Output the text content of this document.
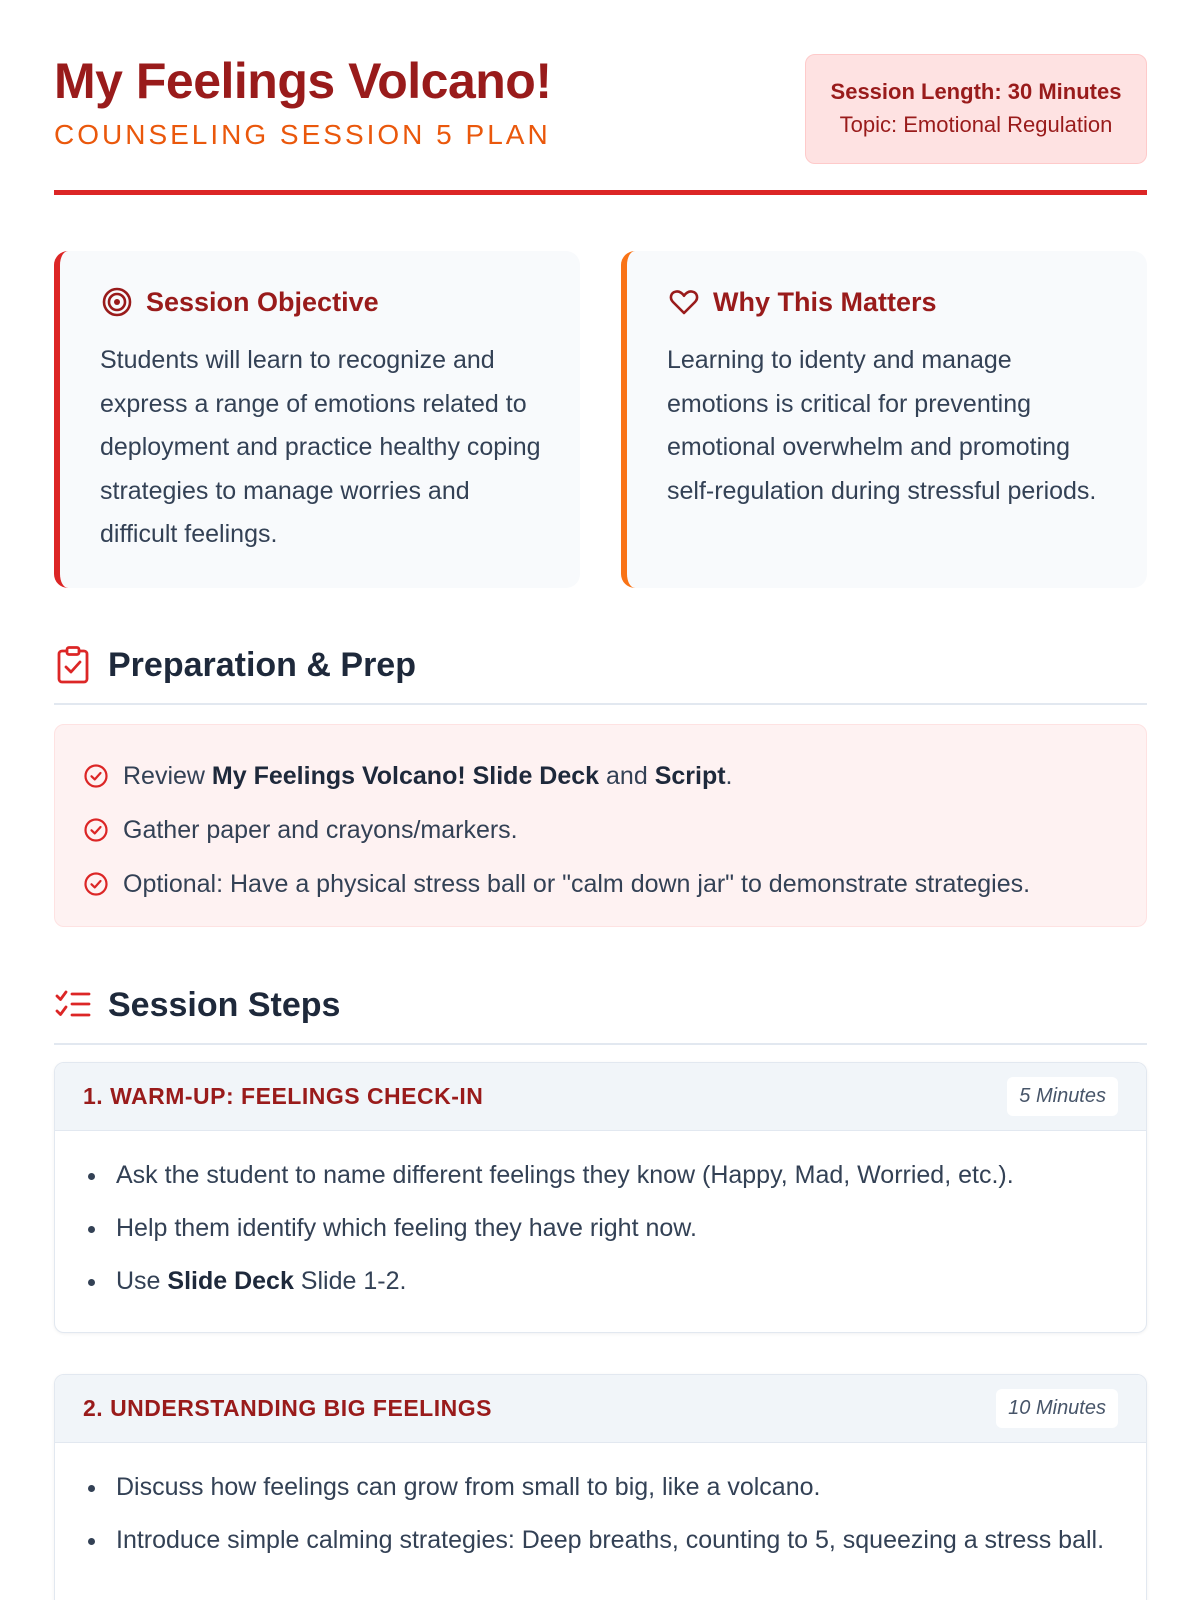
My Feelings Volcano!
COUNSELING SESSION 5 PLAN
Session Length: 30 Minutes
Topic: Emotional Regulation
Session Objective
Students will learn to recognize and express a range of emotions related to deployment and practice healthy coping strategies to manage worries and difficult feelings.
Why This Matters
Learning to identy and manage emotions is critical for preventing emotional overwhelm and promoting self-regulation during stressful periods.
Preparation & Prep
Review My Feelings Volcano! Slide Deck and Script.
Gather paper and crayons/markers.
Optional: Have a physical stress ball or "calm down jar" to demonstrate strategies.
Session Steps
1. WARM-UP: FEELINGS CHECK-IN	5 Minutes
Ask the student to name different feelings they know (Happy, Mad, Worried, etc.).
Help them identify which feeling they have right now.
Use Slide Deck Slide 1-2.
2. UNDERSTANDING BIG FEELINGS	10 Minutes
Discuss how feelings can grow from small to big, like a volcano.
Introduce simple calming strategies: Deep breaths, counting to 5, squeezing a stress ball.
